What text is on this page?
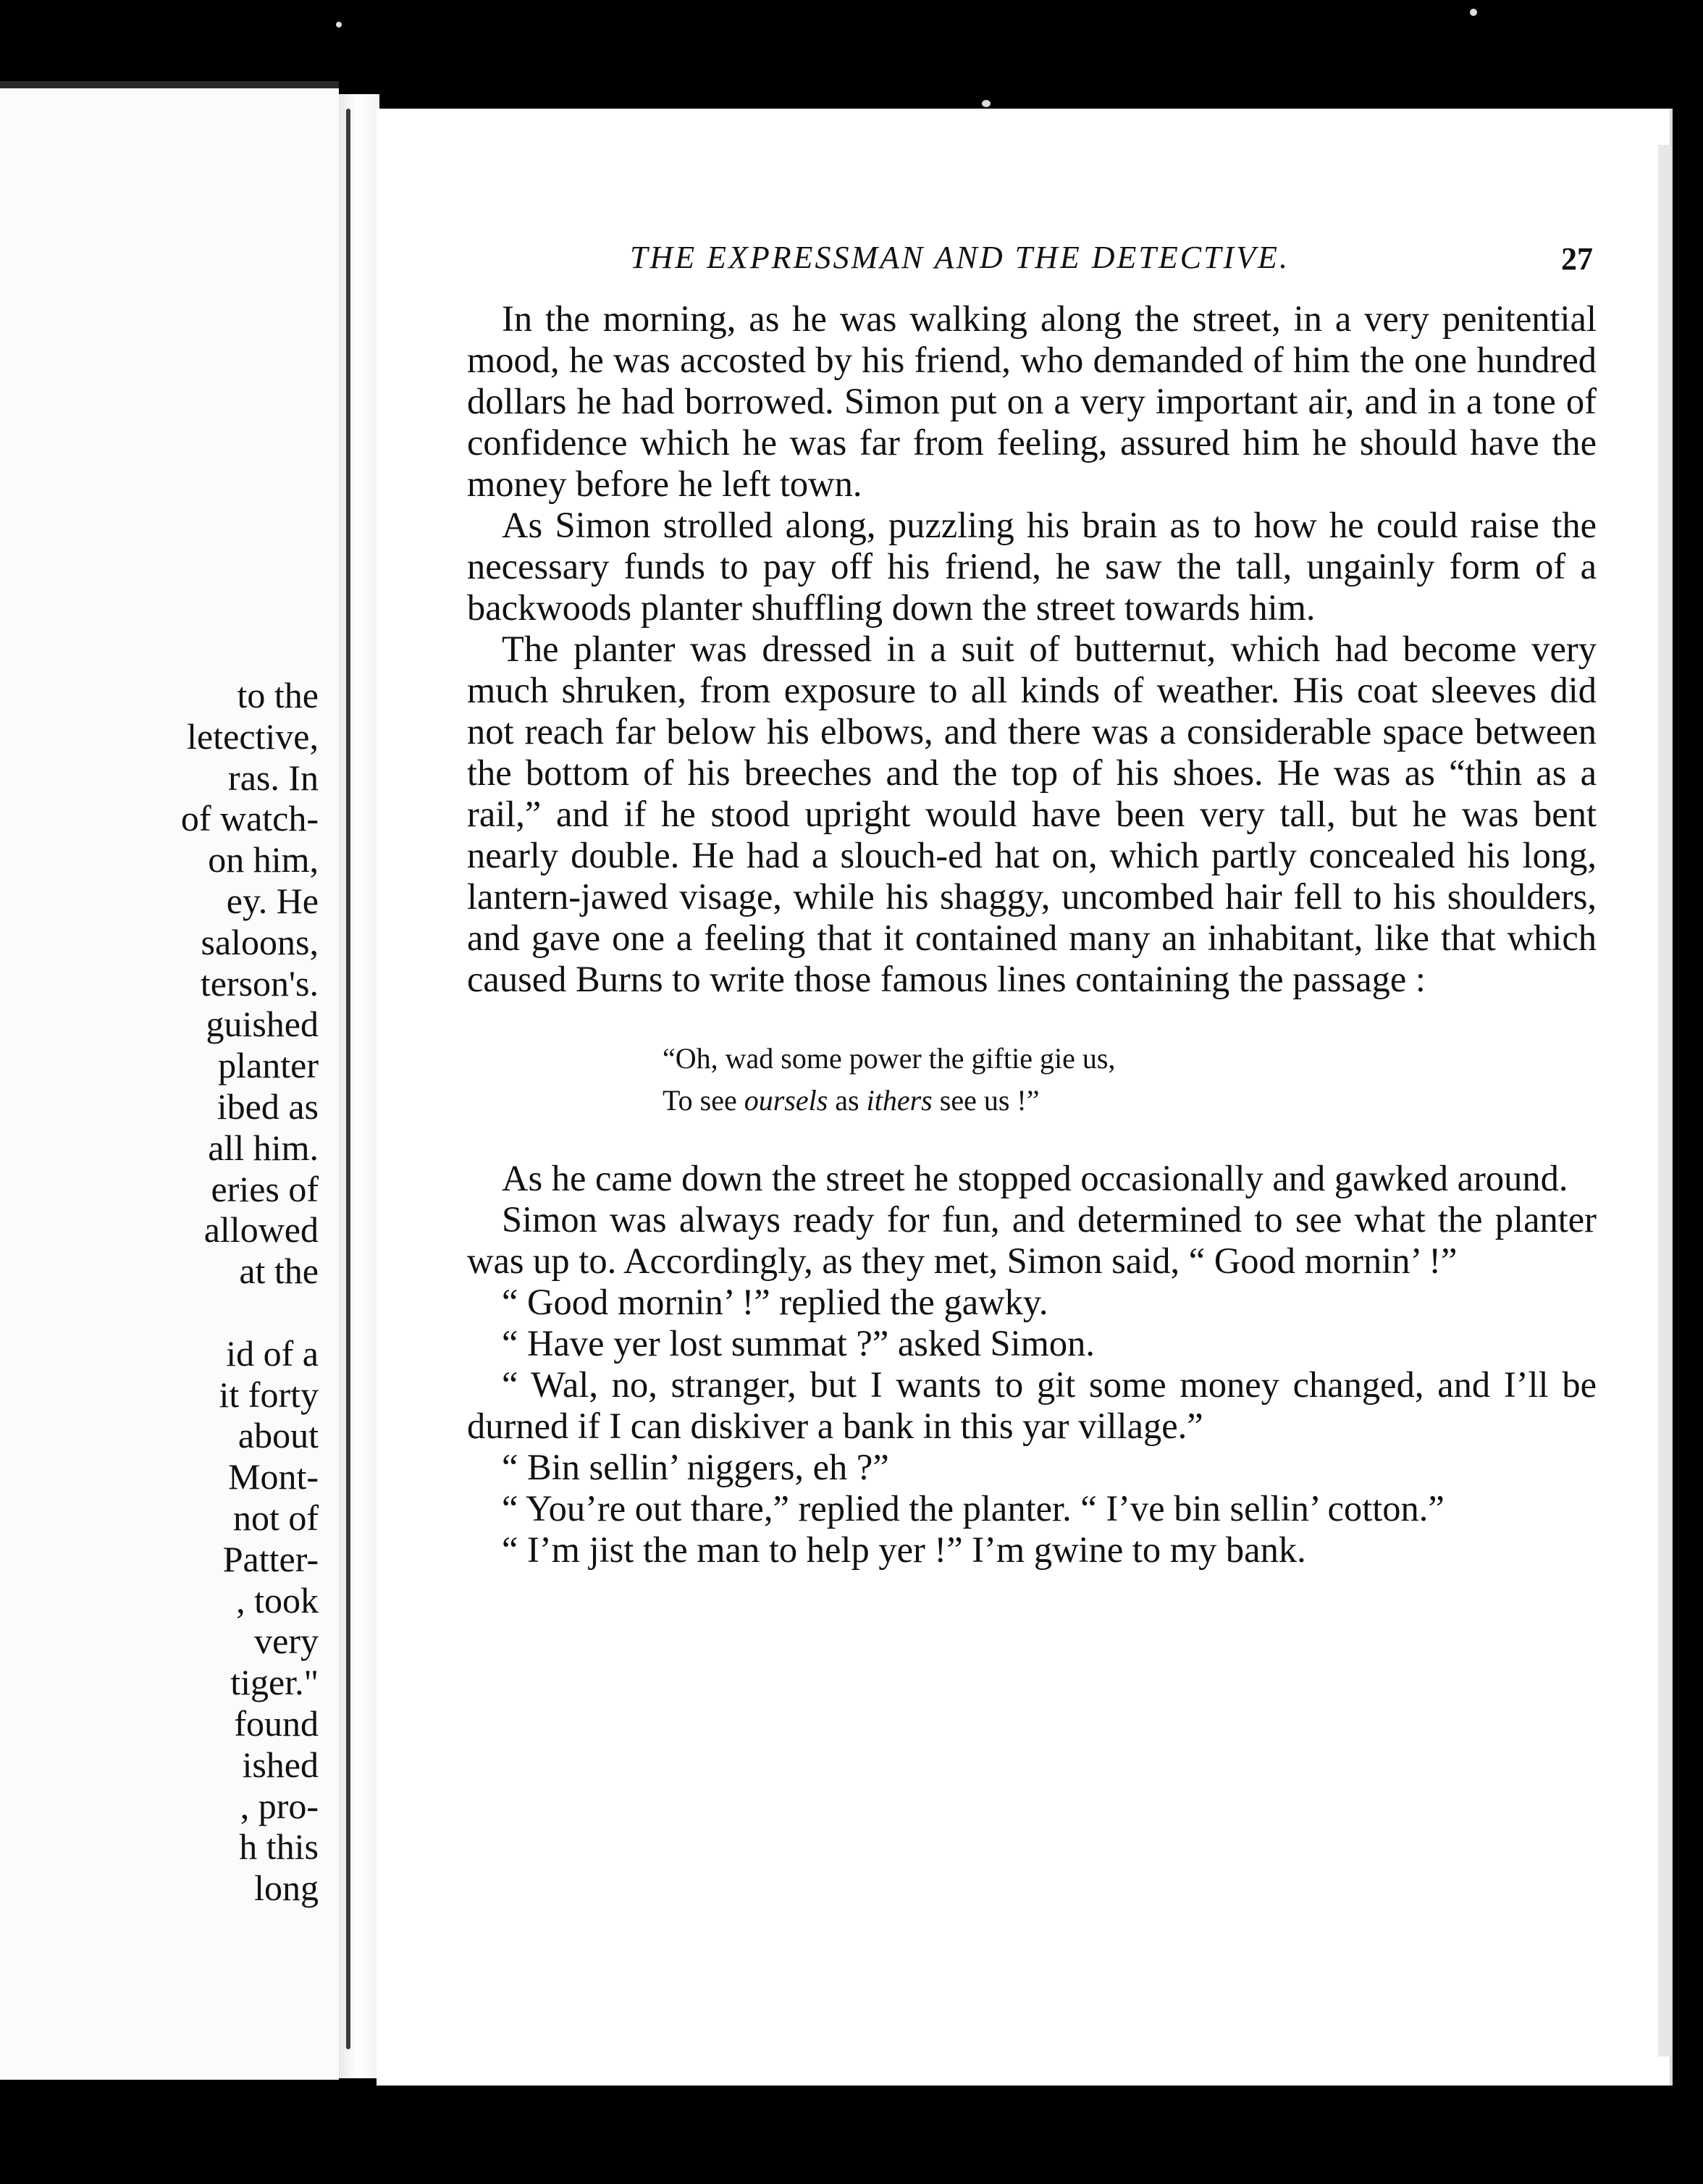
to the
letective,
ras. In
of watch-
on him,
ey. He
saloons,
terson's.
guished
planter
ibed as
all him.
eries of
allowed
at the
id of a
it forty
about
Mont-
not of
Patter-
, took
very
tiger."
found
ished
, pro-
h this
long
THE EXPRESSMAN AND THE DETECTIVE.	27

In the morning, as he was walking along the street, in a very penitential mood, he was accosted by his friend, who demanded of him the one hundred dollars he had borrowed. Simon put on a very important air, and in a tone of confidence which he was far from feeling, assured him he should have the money before he left town.

As Simon strolled along, puzzling his brain as to how he could raise the necessary funds to pay off his friend, he saw the tall, ungainly form of a backwoods planter shuffling down the street towards him.

The planter was dressed in a suit of butternut, which had become very much shruken, from exposure to all kinds of weather. His coat sleeves did not reach far below his elbows, and there was a considerable space between the bottom of his breeches and the top of his shoes. He was as “thin as a rail,” and if he stood upright would have been very tall, but he was bent nearly double. He had a slouch-ed hat on, which partly concealed his long, lantern-jawed visage, while his shaggy, uncombed hair fell to his shoulders, and gave one a feeling that it contained many an inhabitant, like that which caused Burns to write those famous lines containing the passage :

“Oh, wad some power the giftie gie us,
To see oursels as ithers see us !”

As he came down the street he stopped occasionally and gawked around.

Simon was always ready for fun, and determined to see what the planter was up to. Accordingly, as they met, Simon said, “ Good mornin’ !”

“ Good mornin’ !” replied the gawky.

“ Have yer lost summat ?” asked Simon.

“ Wal, no, stranger, but I wants to git some money changed, and I’ll be durned if I can diskiver a bank in this yar village.”

“ Bin sellin’ niggers, eh ?”

“ You’re out thare,” replied the planter. “ I’ve bin sellin’ cotton.”

“ I’m jist the man to help yer !” I’m gwine to my bank.
